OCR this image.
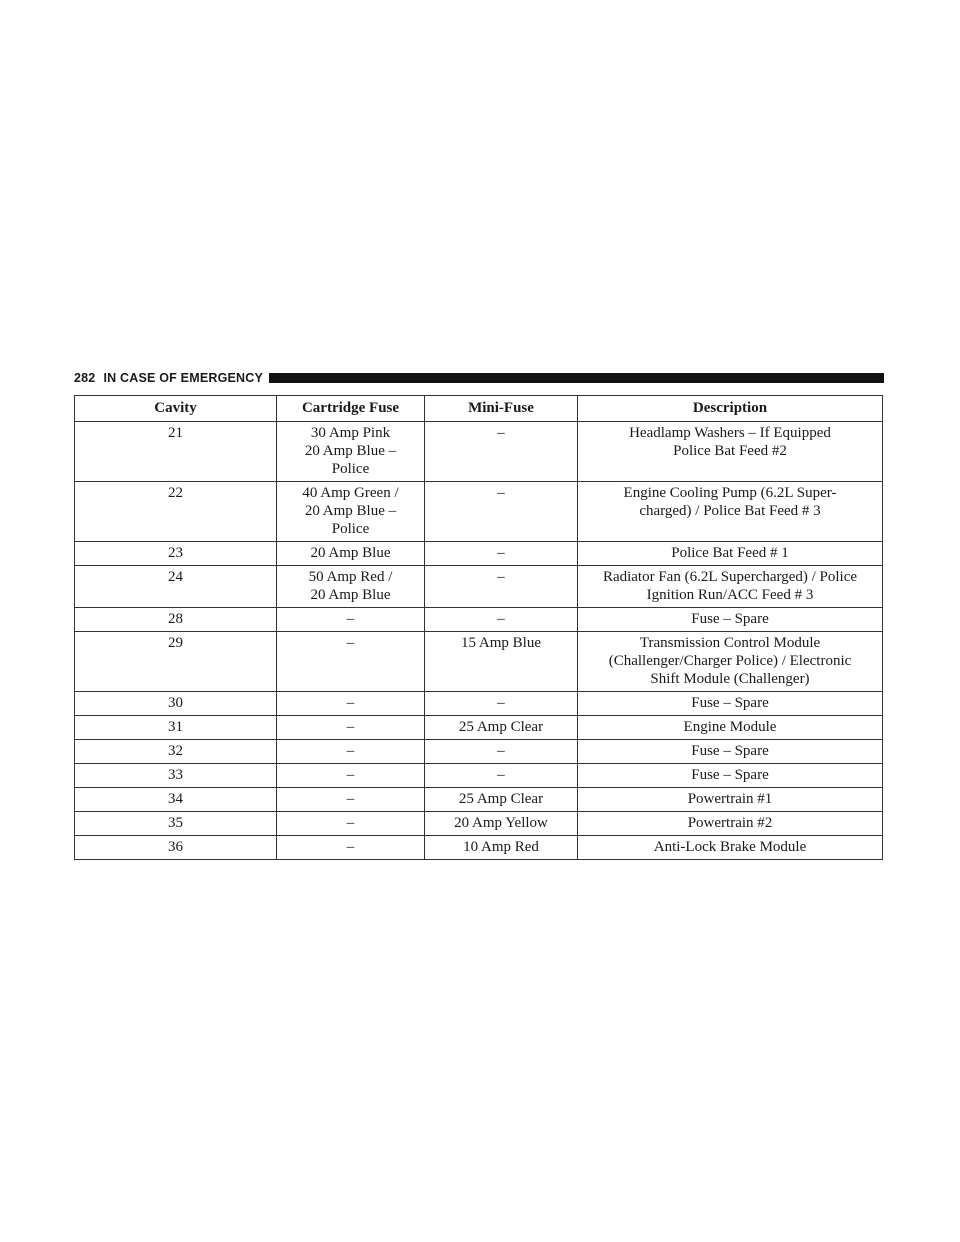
282 IN CASE OF EMERGENCY
Cavity	Cartridge Fuse	Mini-Fuse	Description
21	30 Amp Pink
20 Amp Blue –
Police	–	Headlamp Washers – If Equipped
Police Bat Feed #2

22	40 Amp Green /
20 Amp Blue –
Police	–	Engine Cooling Pump (6.2L Super-
charged) / Police Bat Feed # 3

23	20 Amp Blue	–	Police Bat Feed # 1

24	50 Amp Red /
20 Amp Blue	–	Radiator Fan (6.2L Supercharged) / Police
Ignition Run/ACC Feed # 3

28	–	–	Fuse – Spare

29	–	15 Amp Blue	Transmission Control Module
(Challenger/Charger Police) / Electronic
Shift Module (Challenger)

30	–	–	Fuse – Spare

31	–	25 Amp Clear	Engine Module

32	–	–	Fuse – Spare

33	–	–	Fuse – Spare

34	–	25 Amp Clear	Powertrain #1

35	–	20 Amp Yellow	Powertrain #2

36	–	10 Amp Red	Anti-Lock Brake Module
